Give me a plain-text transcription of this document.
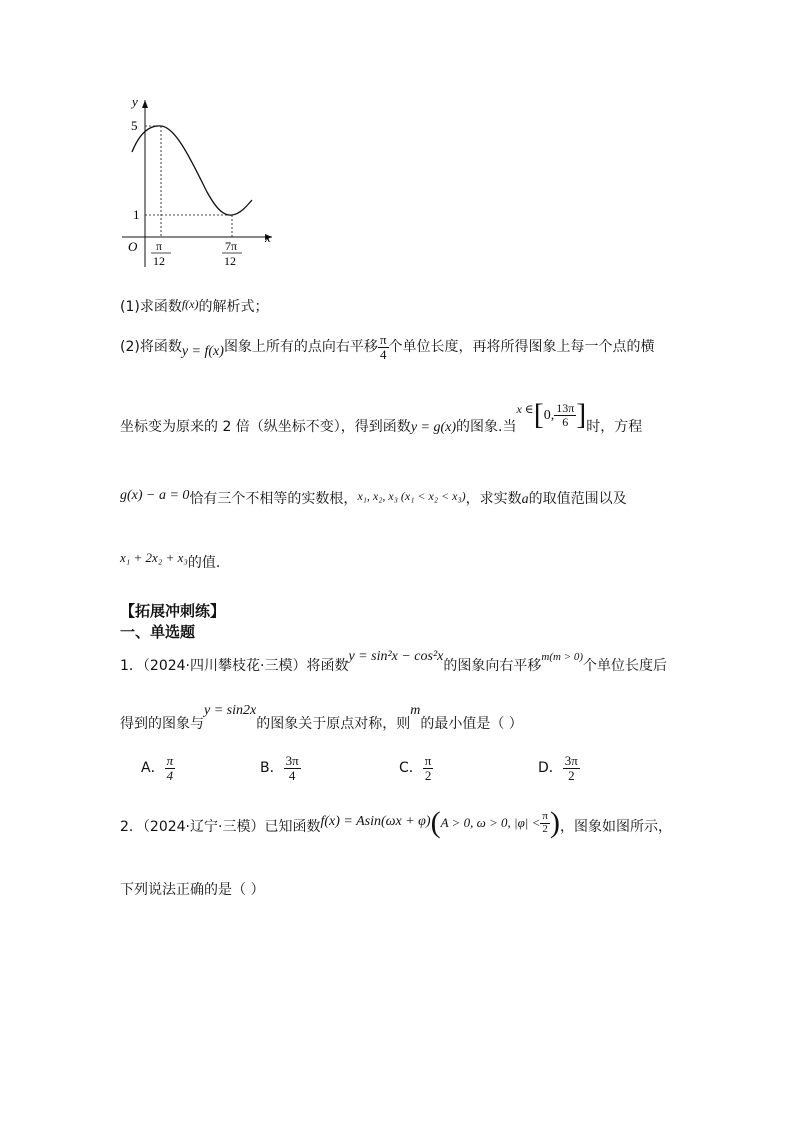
y
x
O
5
1
π
12
7π
12
(1)求函数f(x)的解析式；
(2)将函数y = f(x)图象上所有的点向右平移 $\frac{\pi}{4}$ 个单位长度，再将所得图象上每一个点的横
坐标变为原来的 2 倍（纵坐标不变），得到函数y = g(x)的图象.当x ∈[0, $\frac{13\pi}{6}$ ]时，方程
g(x) − a = 0恰有三个不相等的实数根，x₁, x₂, x₃ (x₁ < x₂ < x₃)，求实数a的取值范围以及
x₁ + 2x₂ + x₃的值.
【拓展冲刺练】
一、单选题
1．（2024·四川攀枝花·三模）将函数y = sin²x − cos²x的图象向右平移$^{m(m > 0)}$个单位长度后
得到的图象与y = sin2x的图象关于原点对称，则m的最小值是（ ）
A． $\frac{\pi}{4}$	B． $\frac{3\pi}{4}$	C． $\frac{\pi}{2}$	D． $\frac{3\pi}{2}$
2．（2024·辽宁·三模）已知函数f(x) = Asin(ωx + φ)(A > 0, ω > 0, $|\varphi| < \frac{\pi}{2}$ )，图象如图所示，
下列说法正确的是（ ）
